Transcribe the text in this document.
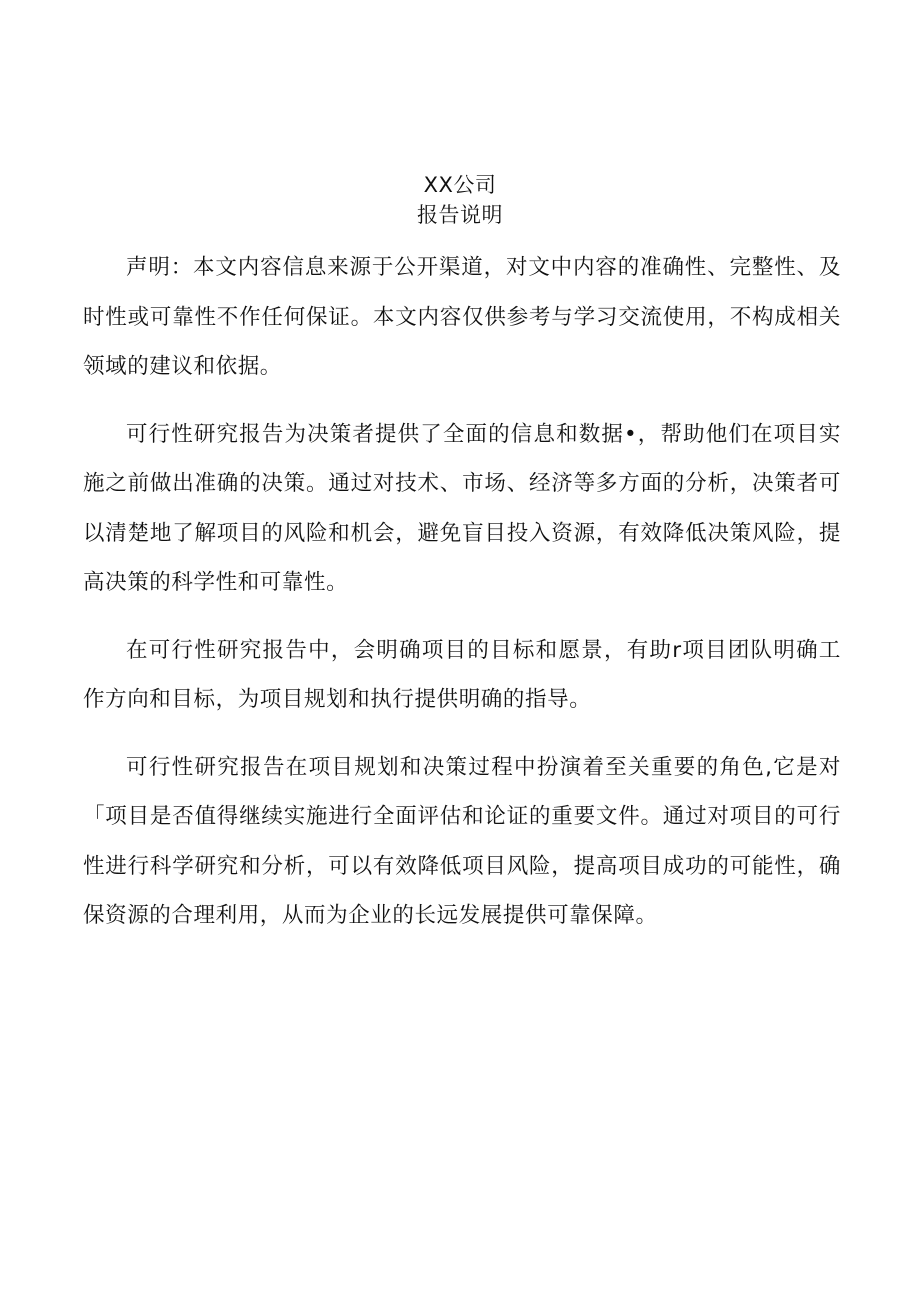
XX公司
报告说明

声明：本文内容信息来源于公开渠道，对文中内容的准确性、完整性、及时性或可靠性不作任何保证。本文内容仅供参考与学习交流使用，不构成相关领域的建议和依据。

可行性研究报告为决策者提供了全面的信息和数据•，帮助他们在项目实施之前做出准确的决策。通过对技术、市场、经济等多方面的分析，决策者可以清楚地了解项目的风险和机会，避免盲目投入资源，有效降低决策风险，提高决策的科学性和可靠性。

在可行性研究报告中，会明确项目的目标和愿景，有助r项目团队明确工作方向和目标，为项目规划和执行提供明确的指导。

可行性研究报告在项目规划和决策过程中扮演着至关重要的角色,它是对「项目是否值得继续实施进行全面评估和论证的重要文件。通过对项目的可行性进行科学研究和分析，可以有效降低项目风险，提高项目成功的可能性，确保资源的合理利用，从而为企业的长远发展提供可靠保障。
